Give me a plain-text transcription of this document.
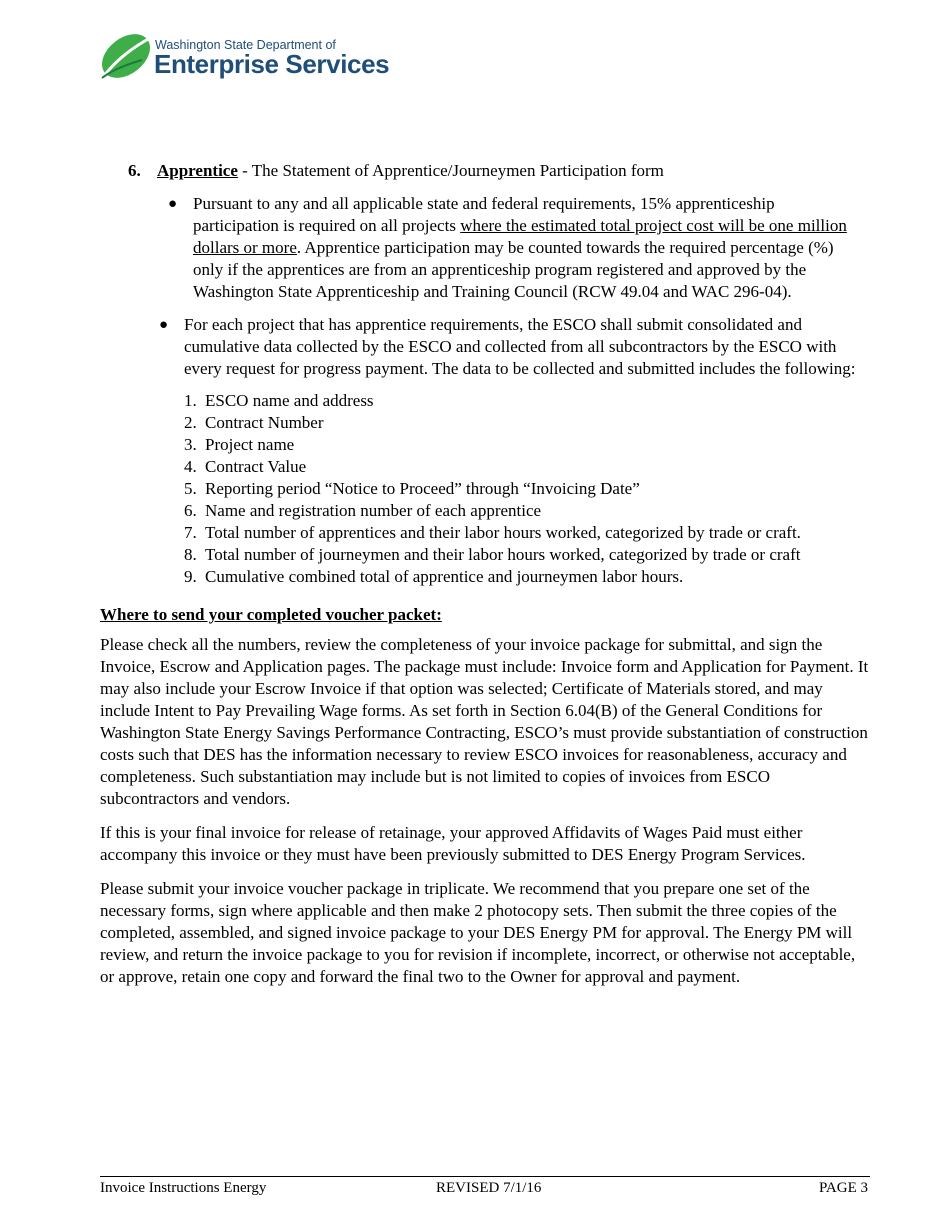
Washington State Department of
Enterprise Services

6. Apprentice - The Statement of Apprentice/Journeymen Participation form

● Pursuant to any and all applicable state and federal requirements, 15% apprenticeship participation is required on all projects where the estimated total project cost will be one million dollars or more. Apprentice participation may be counted towards the required percentage (%) only if the apprentices are from an apprenticeship program registered and approved by the Washington State Apprenticeship and Training Council (RCW 49.04 and WAC 296-04).
● For each project that has apprentice requirements, the ESCO shall submit consolidated and cumulative data collected by the ESCO and collected from all subcontractors by the ESCO with every request for progress payment. The data to be collected and submitted includes the following:
1. ESCO name and address
2. Contract Number
3. Project name
4. Contract Value
5. Reporting period “Notice to Proceed” through “Invoicing Date”
6. Name and registration number of each apprentice
7. Total number of apprentices and their labor hours worked, categorized by trade or craft.
8. Total number of journeymen and their labor hours worked, categorized by trade or craft
9. Cumulative combined total of apprentice and journeymen labor hours.

Where to send your completed voucher packet:

Please check all the numbers, review the completeness of your invoice package for submittal, and sign the Invoice, Escrow and Application pages. The package must include: Invoice form and Application for Payment. It may also include your Escrow Invoice if that option was selected; Certificate of Materials stored, and may include Intent to Pay Prevailing Wage forms. As set forth in Section 6.04(B) of the General Conditions for Washington State Energy Savings Performance Contracting, ESCO’s must provide substantiation of construction costs such that DES has the information necessary to review ESCO invoices for reasonableness, accuracy and completeness. Such substantiation may include but is not limited to copies of invoices from ESCO subcontractors and vendors.

If this is your final invoice for release of retainage, your approved Affidavits of Wages Paid must either accompany this invoice or they must have been previously submitted to DES Energy Program Services.

Please submit your invoice voucher package in triplicate. We recommend that you prepare one set of the necessary forms, sign where applicable and then make 2 photocopy sets. Then submit the three copies of the completed, assembled, and signed invoice package to your DES Energy PM for approval. The Energy PM will review, and return the invoice package to you for revision if incomplete, incorrect, or otherwise not acceptable, or approve, retain one copy and forward the final two to the Owner for approval and payment.

Invoice Instructions Energy	REVISED 7/1/16	PAGE 3
